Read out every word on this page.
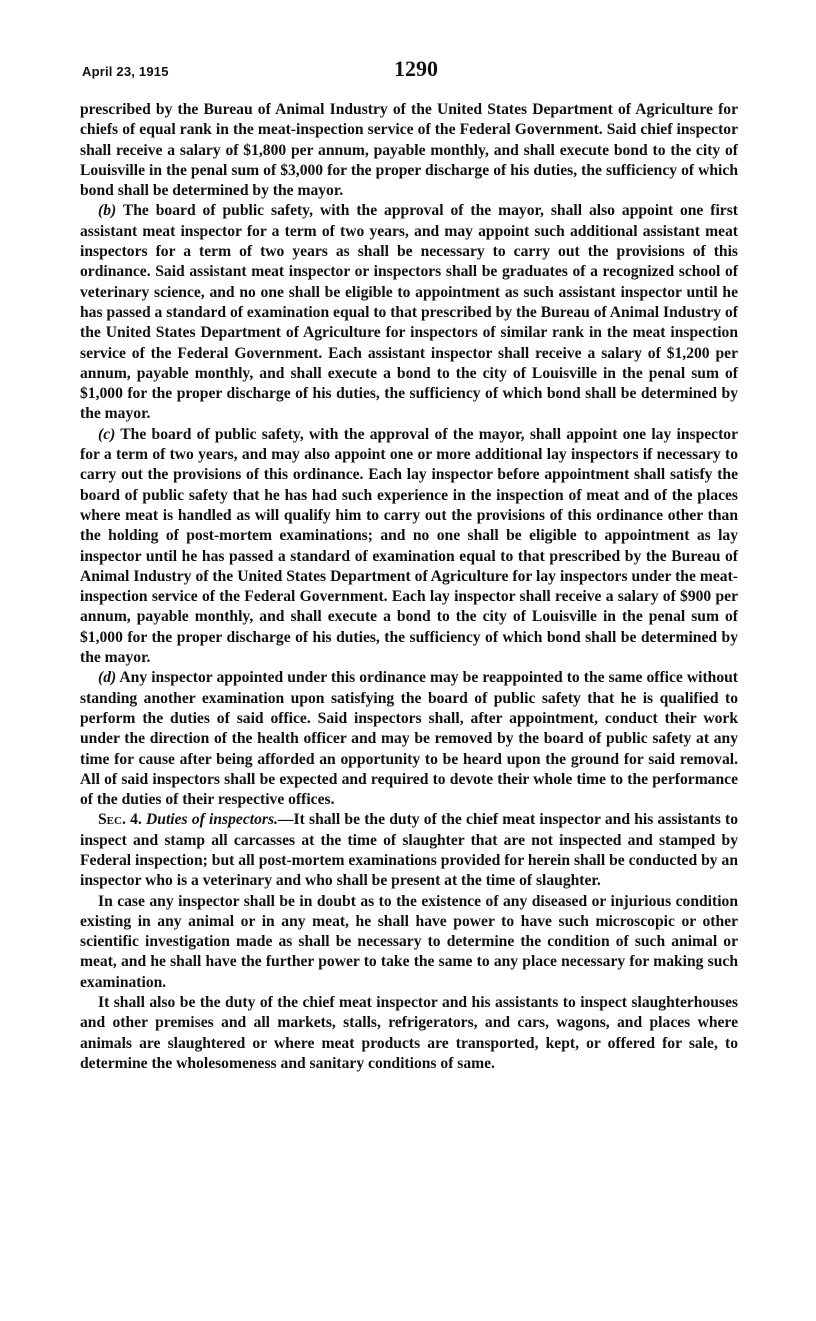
April 23, 1915	1290

prescribed by the Bureau of Animal Industry of the United States Department of Agriculture for chiefs of equal rank in the meat-inspection service of the Federal Government. Said chief inspector shall receive a salary of $1,800 per annum, payable monthly, and shall execute bond to the city of Louisville in the penal sum of $3,000 for the proper discharge of his duties, the sufficiency of which bond shall be determined by the mayor.

(b) The board of public safety, with the approval of the mayor, shall also appoint one first assistant meat inspector for a term of two years, and may appoint such additional assistant meat inspectors for a term of two years as shall be necessary to carry out the provisions of this ordinance. Said assistant meat inspector or inspectors shall be graduates of a recognized school of veterinary science, and no one shall be eligible to appointment as such assistant inspector until he has passed a standard of examination equal to that prescribed by the Bureau of Animal Industry of the United States Department of Agriculture for inspectors of similar rank in the meat inspection service of the Federal Government. Each assistant inspector shall receive a salary of $1,200 per annum, payable monthly, and shall execute a bond to the city of Louisville in the penal sum of $1,000 for the proper discharge of his duties, the sufficiency of which bond shall be determined by the mayor.

(c) The board of public safety, with the approval of the mayor, shall appoint one lay inspector for a term of two years, and may also appoint one or more additional lay inspectors if necessary to carry out the provisions of this ordinance. Each lay inspector before appointment shall satisfy the board of public safety that he has had such experience in the inspection of meat and of the places where meat is handled as will qualify him to carry out the provisions of this ordinance other than the holding of post-mortem examinations; and no one shall be eligible to appointment as lay inspector until he has passed a standard of examination equal to that prescribed by the Bureau of Animal Industry of the United States Department of Agriculture for lay inspectors under the meat-inspection service of the Federal Government. Each lay inspector shall receive a salary of $900 per annum, payable monthly, and shall execute a bond to the city of Louisville in the penal sum of $1,000 for the proper discharge of his duties, the sufficiency of which bond shall be determined by the mayor.

(d) Any inspector appointed under this ordinance may be reappointed to the same office without standing another examination upon satisfying the board of public safety that he is qualified to perform the duties of said office. Said inspectors shall, after appointment, conduct their work under the direction of the health officer and may be removed by the board of public safety at any time for cause after being afforded an opportunity to be heard upon the ground for said removal. All of said inspectors shall be expected and required to devote their whole time to the performance of the duties of their respective offices.

Sec. 4. Duties of inspectors.—It shall be the duty of the chief meat inspector and his assistants to inspect and stamp all carcasses at the time of slaughter that are not inspected and stamped by Federal inspection; but all post-mortem examinations provided for herein shall be conducted by an inspector who is a veterinary and who shall be present at the time of slaughter.

In case any inspector shall be in doubt as to the existence of any diseased or injurious condition existing in any animal or in any meat, he shall have power to have such microscopic or other scientific investigation made as shall be necessary to determine the condition of such animal or meat, and he shall have the further power to take the same to any place necessary for making such examination.

It shall also be the duty of the chief meat inspector and his assistants to inspect slaughterhouses and other premises and all markets, stalls, refrigerators, and cars, wagons, and places where animals are slaughtered or where meat products are transported, kept, or offered for sale, to determine the wholesomeness and sanitary conditions of same.
